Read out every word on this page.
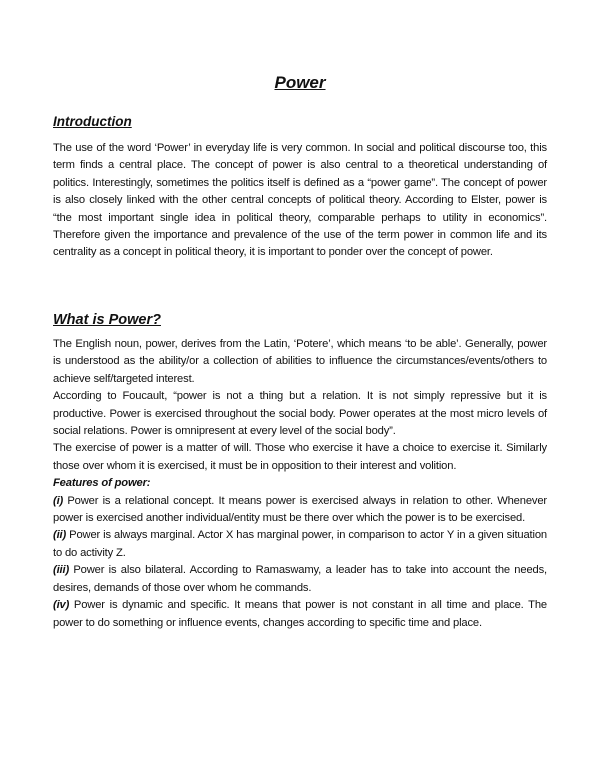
Power
Introduction

The use of the word ‘Power’ in everyday life is very common. In social and political discourse too, this term finds a central place. The concept of power is also central to a theoretical understanding of politics. Interestingly, sometimes the politics itself is defined as a “power game”. The concept of power is also closely linked with the other central concepts of political theory. According to Elster, power is “the most important single idea in political theory, comparable perhaps to utility in economics”. Therefore given the importance and prevalence of the use of the term power in common life and its centrality as a concept in political theory, it is important to ponder over the concept of power.

What is Power?

The English noun, power, derives from the Latin, ‘Potere’, which means ‘to be able’. Generally, power is understood as the ability/or a collection of abilities to influence the circumstances/events/others to achieve self/targeted interest.

According to Foucault, “power is not a thing but a relation. It is not simply repressive but it is productive. Power is exercised throughout the social body. Power operates at the most micro levels of social relations. Power is omnipresent at every level of the social body”.

The exercise of power is a matter of will. Those who exercise it have a choice to exercise it. Similarly those over whom it is exercised, it must be in opposition to their interest and volition.

Features of power:

(i) Power is a relational concept. It means power is exercised always in relation to other. Whenever power is exercised another individual/entity must be there over which the power is to be exercised.

(ii) Power is always marginal. Actor X has marginal power, in comparison to actor Y in a given situation to do activity Z.

(iii) Power is also bilateral. According to Ramaswamy, a leader has to take into account the needs, desires, demands of those over whom he commands.

(iv) Power is dynamic and specific. It means that power is not constant in all time and place. The power to do something or influence events, changes according to specific time and place.
